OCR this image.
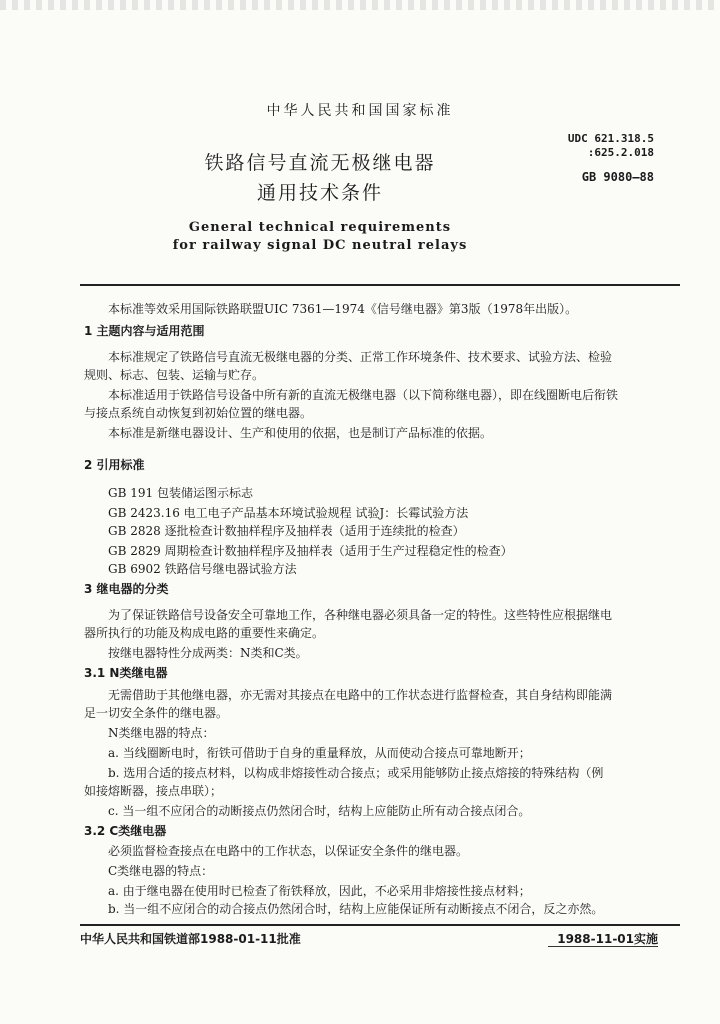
中华人民共和国国家标准
UDC 621.318.5
:625.2.018
GB 9080—88
铁路信号直流无极继电器
通用技术条件
General technical requirements
for railway signal DC neutral relays
本标准等效采用国际铁路联盟UIC 7361—1974《信号继电器》第3版（1978年出版）。
1 主题内容与适用范围
本标准规定了铁路信号直流无极继电器的分类、正常工作环境条件、技术要求、试验方法、检验
规则、标志、包装、运输与贮存。
本标准适用于铁路信号设备中所有新的直流无极继电器（以下简称继电器），即在线圈断电后衔铁
与接点系统自动恢复到初始位置的继电器。
本标准是新继电器设计、生产和使用的依据，也是制订产品标准的依据。
2 引用标准
GB 191 包装储运图示标志
GB 2423.16 电工电子产品基本环境试验规程 试验J：长霉试验方法
GB 2828 逐批检查计数抽样程序及抽样表（适用于连续批的检查）
GB 2829 周期检查计数抽样程序及抽样表（适用于生产过程稳定性的检查）
GB 6902 铁路信号继电器试验方法
3 继电器的分类
为了保证铁路信号设备安全可靠地工作，各种继电器必须具备一定的特性。这些特性应根据继电
器所执行的功能及构成电路的重要性来确定。
按继电器特性分成两类：N类和C类。
3.1 N类继电器
无需借助于其他继电器，亦无需对其接点在电路中的工作状态进行监督检查，其自身结构即能满
足一切安全条件的继电器。
N类继电器的特点：
a. 当线圈断电时，衔铁可借助于自身的重量释放，从而使动合接点可靠地断开；
b. 选用合适的接点材料，以构成非熔接性动合接点；或采用能够防止接点熔接的特殊结构（例
如接熔断器，接点串联）；
c. 当一组不应闭合的动断接点仍然闭合时，结构上应能防止所有动合接点闭合。
3.2 C类继电器
必须监督检查接点在电路中的工作状态，以保证安全条件的继电器。
C类继电器的特点：
a. 由于继电器在使用时已检查了衔铁释放，因此，不必采用非熔接性接点材料；
b. 当一组不应闭合的动合接点仍然闭合时，结构上应能保证所有动断接点不闭合，反之亦然。
中华人民共和国铁道部1988-01-11批准	1988-11-01实施
